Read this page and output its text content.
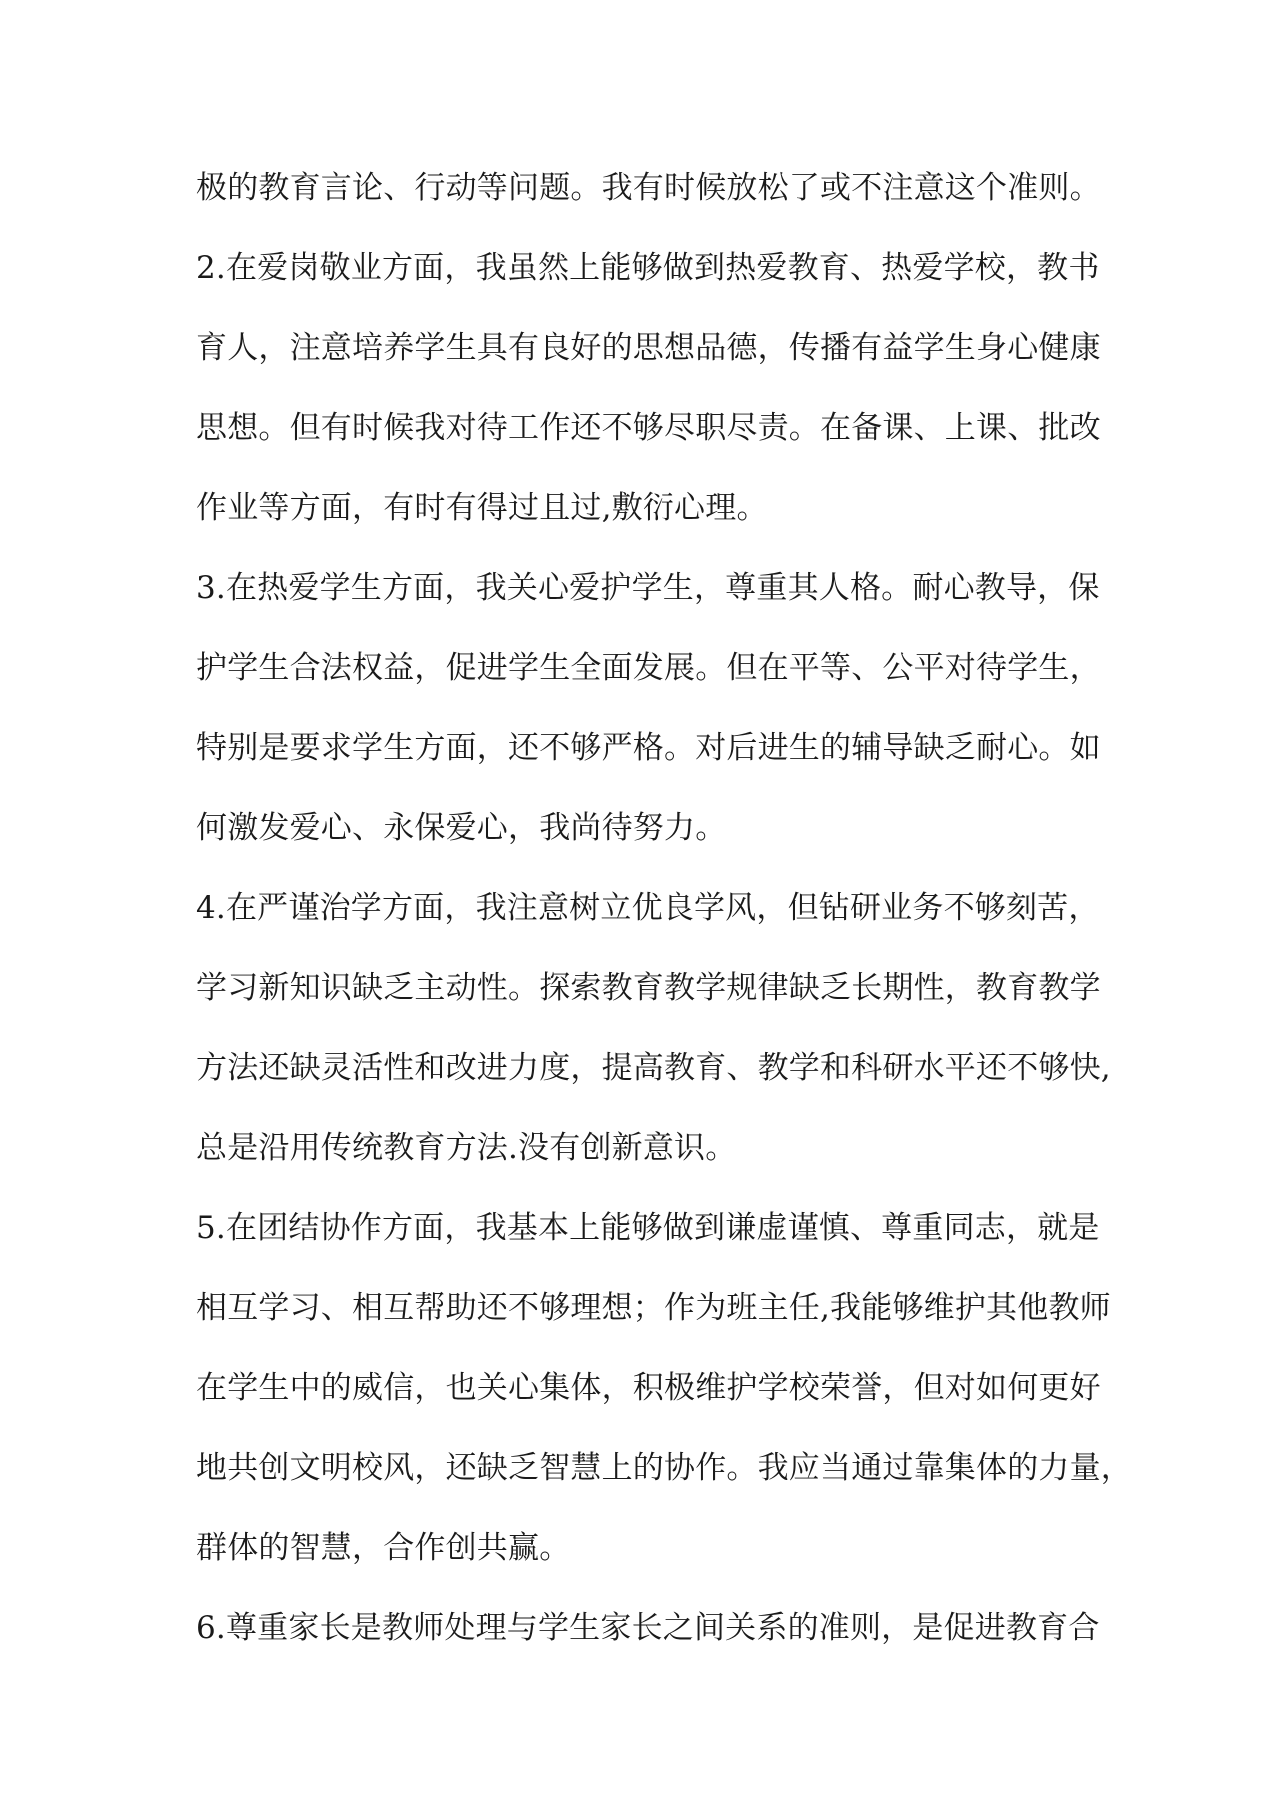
极的教育言论、行动等问题。我有时候放松了或不注意这个准则。
2.在爱岗敬业方面，我虽然上能够做到热爱教育、热爱学校，教书
育人，注意培养学生具有良好的思想品德，传播有益学生身心健康
思想。但有时候我对待工作还不够尽职尽责。在备课、上课、批改
作业等方面，有时有得过且过,敷衍心理。
3.在热爱学生方面，我关心爱护学生，尊重其人格。耐心教导，保
护学生合法权益，促进学生全面发展。但在平等、公平对待学生，
特别是要求学生方面，还不够严格。对后进生的辅导缺乏耐心。如
何激发爱心、永保爱心，我尚待努力。
4.在严谨治学方面，我注意树立优良学风，但钻研业务不够刻苦，
学习新知识缺乏主动性。探索教育教学规律缺乏长期性，教育教学
方法还缺灵活性和改进力度，提高教育、教学和科研水平还不够快,
总是沿用传统教育方法.没有创新意识。
5.在团结协作方面，我基本上能够做到谦虚谨慎、尊重同志，就是
相互学习、相互帮助还不够理想；作为班主任,我能够维护其他教师
在学生中的威信，也关心集体，积极维护学校荣誉，但对如何更好
地共创文明校风，还缺乏智慧上的协作。我应当通过靠集体的力量，
群体的智慧，合作创共赢。
6.尊重家长是教师处理与学生家长之间关系的准则，是促进教育合
